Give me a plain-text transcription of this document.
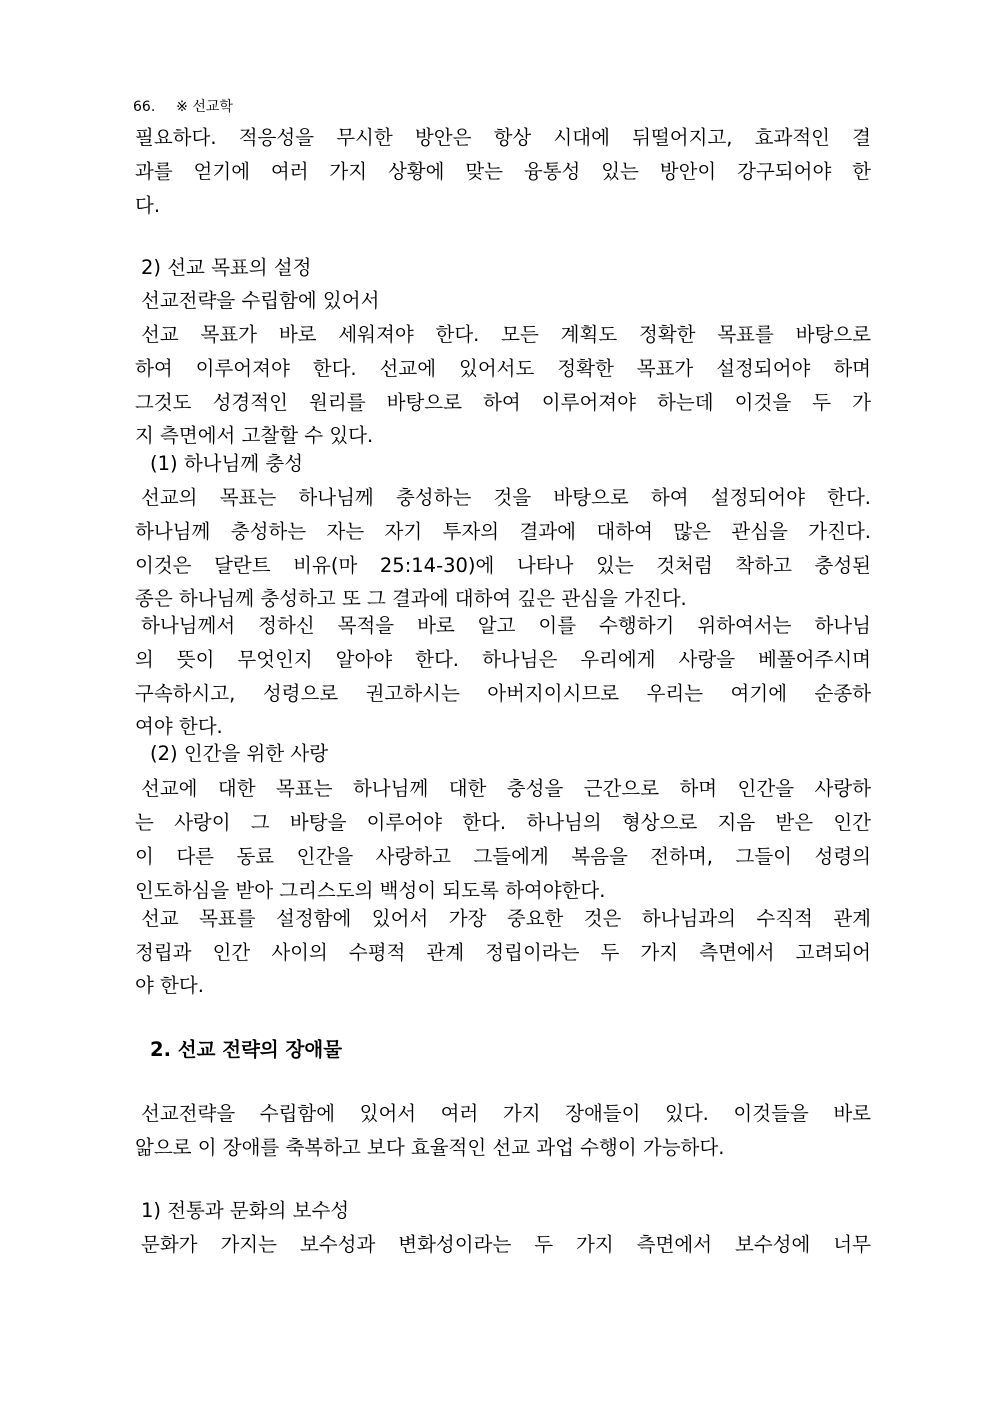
66. ※ 선교학
필요하다. 적응성을 무시한 방안은 항상 시대에 뒤떨어지고, 효과적인 결
과를 얻기에 여러 가지 상황에 맞는 융통성 있는 방안이 강구되어야 한
다.
2) 선교 목표의 설정
선교전략을 수립함에 있어서
선교 목표가 바로 세워져야 한다. 모든 계획도 정확한 목표를 바탕으로
하여 이루어져야 한다. 선교에 있어서도 정확한 목표가 설정되어야 하며
그것도 성경적인 원리를 바탕으로 하여 이루어져야 하는데 이것을 두 가
지 측면에서 고찰할 수 있다.
(1) 하나님께 충성
선교의 목표는 하나님께 충성하는 것을 바탕으로 하여 설정되어야 한다.
하나님께 충성하는 자는 자기 투자의 결과에 대하여 많은 관심을 가진다.
이것은 달란트 비유(마 25:14-30)에 나타나 있는 것처럼 착하고 충성된
종은 하나님께 충성하고 또 그 결과에 대하여 깊은 관심을 가진다.
하나님께서 정하신 목적을 바로 알고 이를 수행하기 위하여서는 하나님
의 뜻이 무엇인지 알아야 한다. 하나님은 우리에게 사랑을 베풀어주시며
구속하시고, 성령으로 권고하시는 아버지이시므로 우리는 여기에 순종하
여야 한다.
(2) 인간을 위한 사랑
선교에 대한 목표는 하나님께 대한 충성을 근간으로 하며 인간을 사랑하
는 사랑이 그 바탕을 이루어야 한다. 하나님의 형상으로 지음 받은 인간
이 다른 동료 인간을 사랑하고 그들에게 복음을 전하며, 그들이 성령의
인도하심을 받아 그리스도의 백성이 되도록 하여야한다.
선교 목표를 설정함에 있어서 가장 중요한 것은 하나님과의 수직적 관계
정립과 인간 사이의 수평적 관계 정립이라는 두 가지 측면에서 고려되어
야 한다.
2. 선교 전략의 장애물
선교전략을 수립함에 있어서 여러 가지 장애들이 있다. 이것들을 바로
앎으로 이 장애를 축복하고 보다 효율적인 선교 과업 수행이 가능하다.
1) 전통과 문화의 보수성
문화가 가지는 보수성과 변화성이라는 두 가지 측면에서 보수성에 너무
